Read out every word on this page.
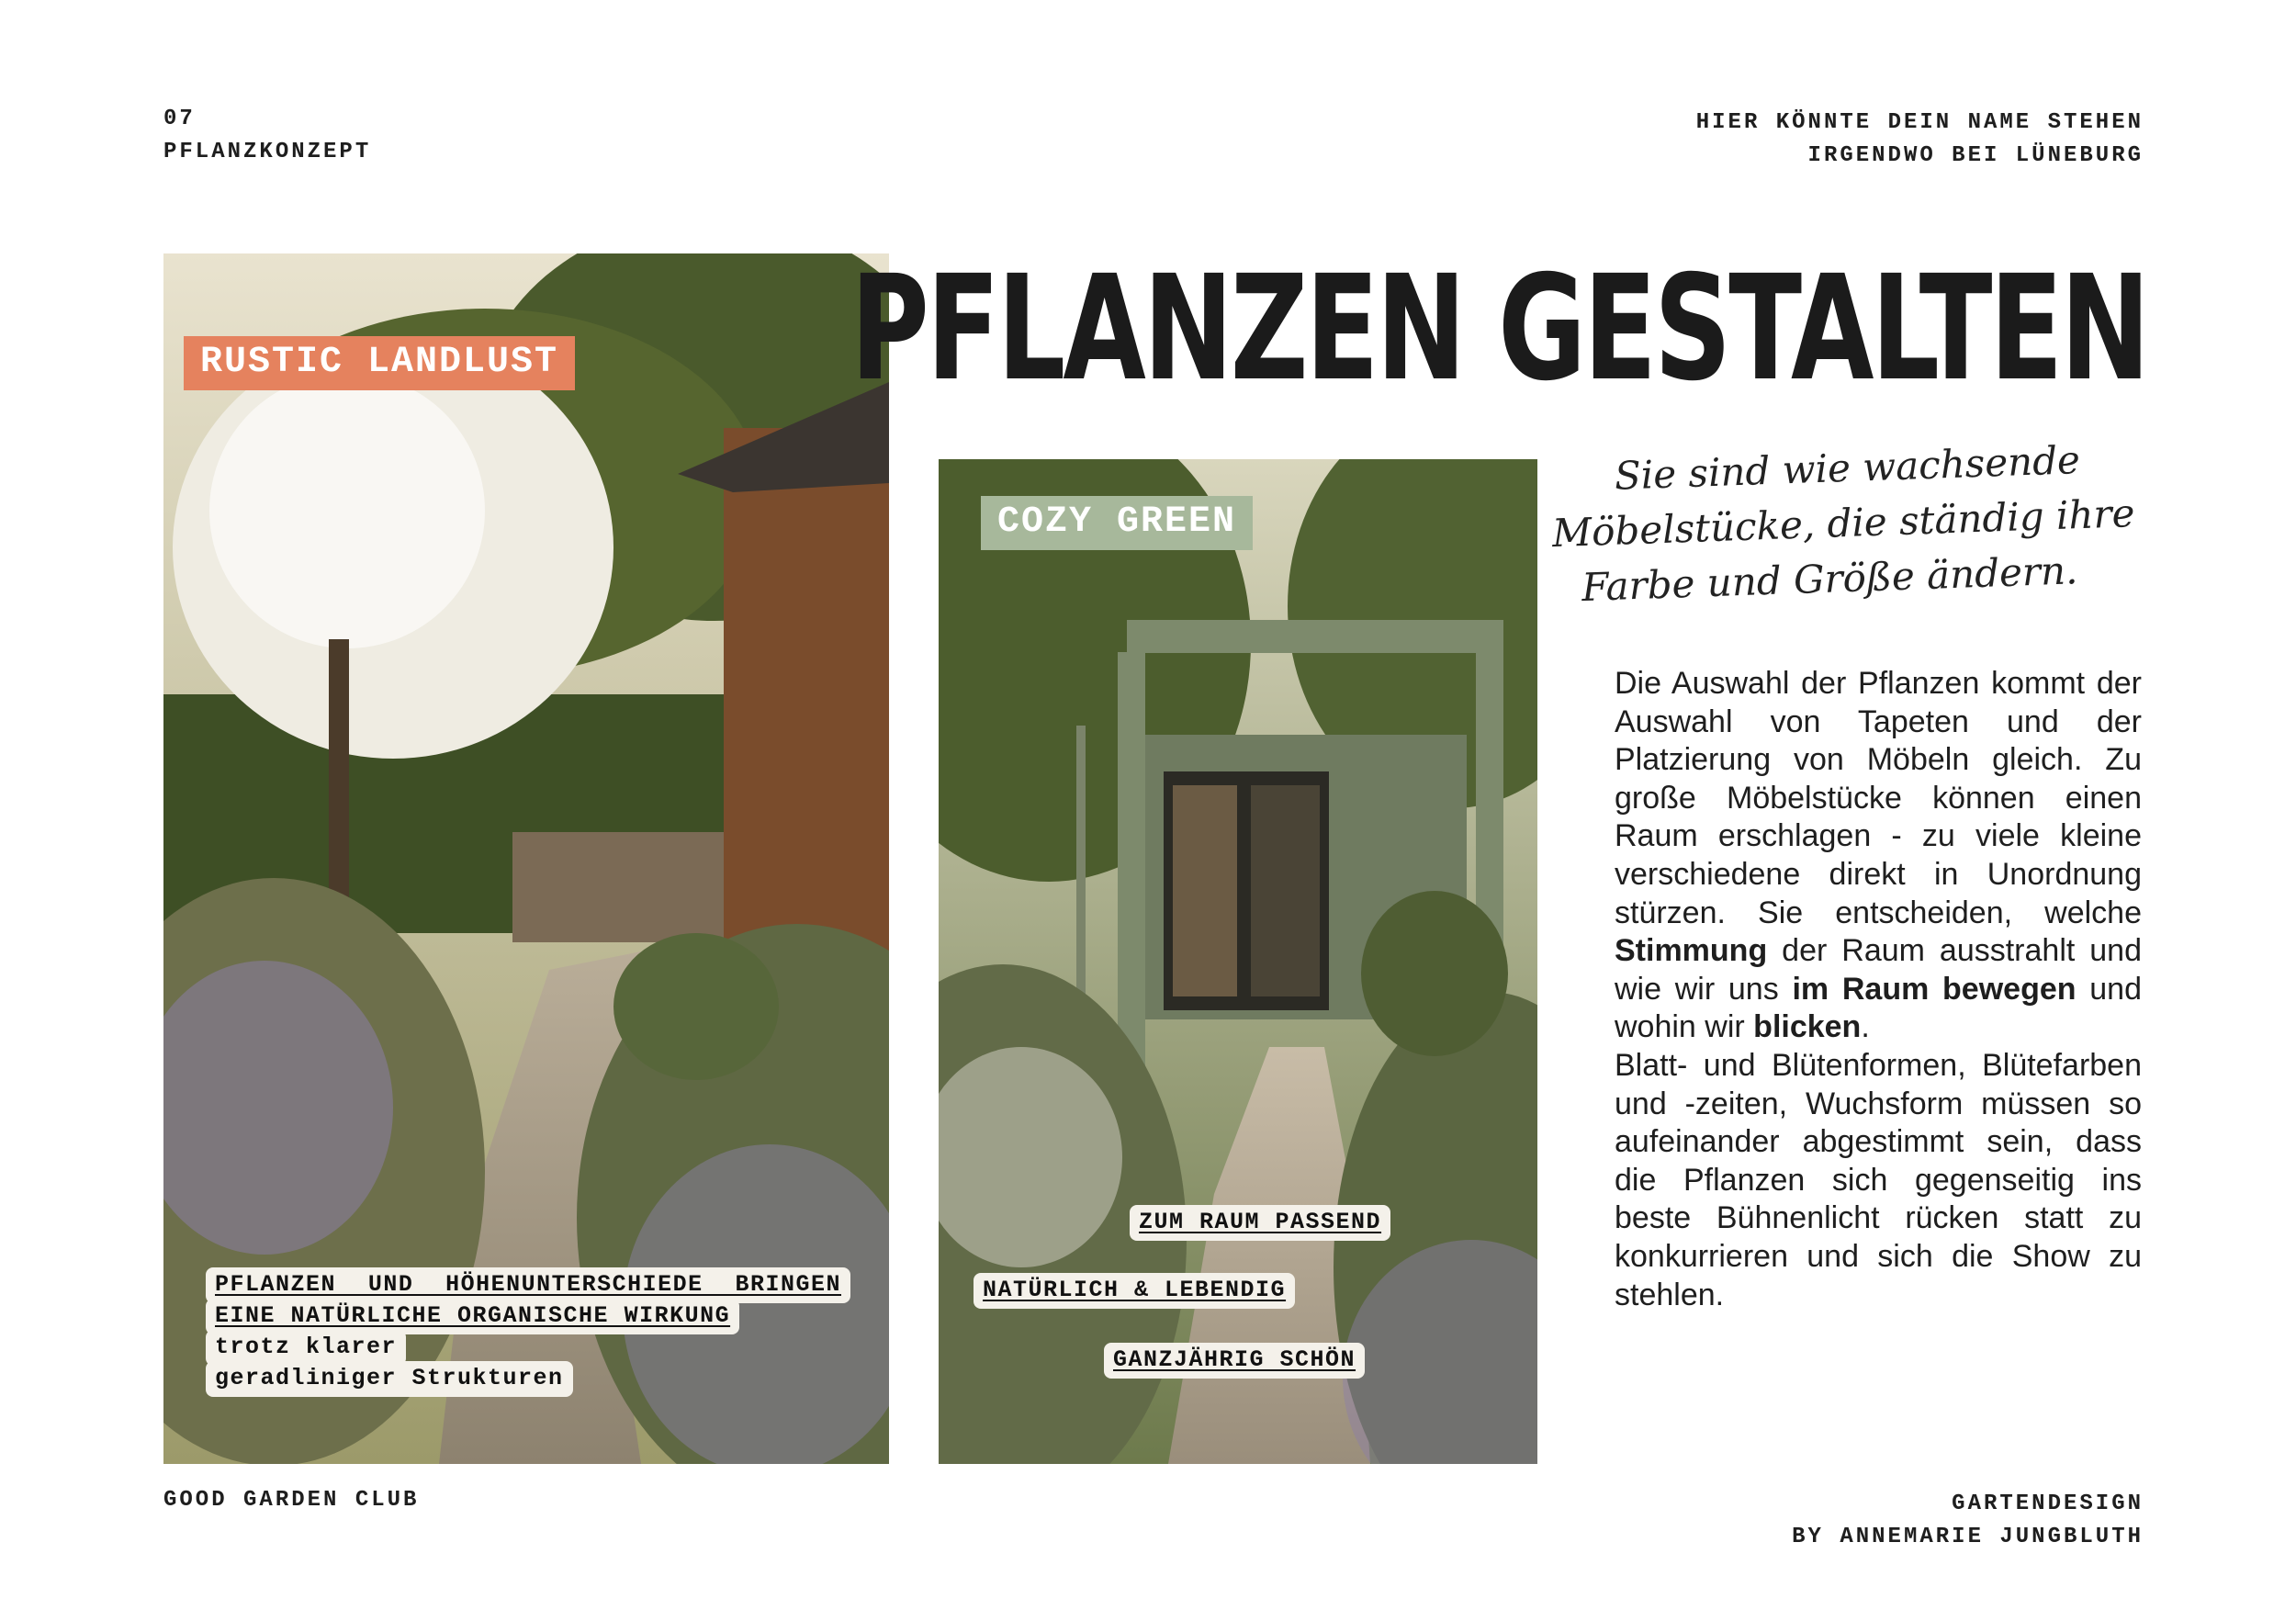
07
PFLANZKONZEPT
HIER KÖNNTE DEIN NAME STEHEN
IRGENDWO BEI LÜNEBURG
RUSTIC LANDLUST
PFLANZEN UND HÖHENUNTERSCHIEDE BRINGEN
EINE NATÜRLICHE ORGANISCHE WIRKUNG
trotz klarer
geradliniger Strukturen
COZY GREEN
ZUM RAUM PASSEND
NATÜRLICH & LEBENDIG
GANZJÄHRIG SCHÖN
PFLANZEN GESTALTEN
Sie sind wie wachsende
Möbelstücke, die ständig ihre
Farbe und Größe ändern.
Die Auswahl der Pflanzen kommt der Auswahl von Tapeten und der Platzierung von Möbeln gleich. Zu große Möbelstücke können einen Raum erschlagen - zu viele kleine verschiedene direkt in Unordnung stürzen. Sie entscheiden, welche Stimmung der Raum ausstrahlt und wie wir uns im Raum bewegen und wohin wir blicken.
Blatt- und Blütenformen, Blütefarben und -zeiten, Wuchsform müssen so aufeinander abgestimmt sein, dass die Pflanzen sich gegenseitig ins beste Bühnenlicht rücken statt zu konkurrieren und sich die Show zu stehlen.
GOOD GARDEN CLUB	GARTENDESIGN
BY ANNEMARIE JUNGBLUTH
